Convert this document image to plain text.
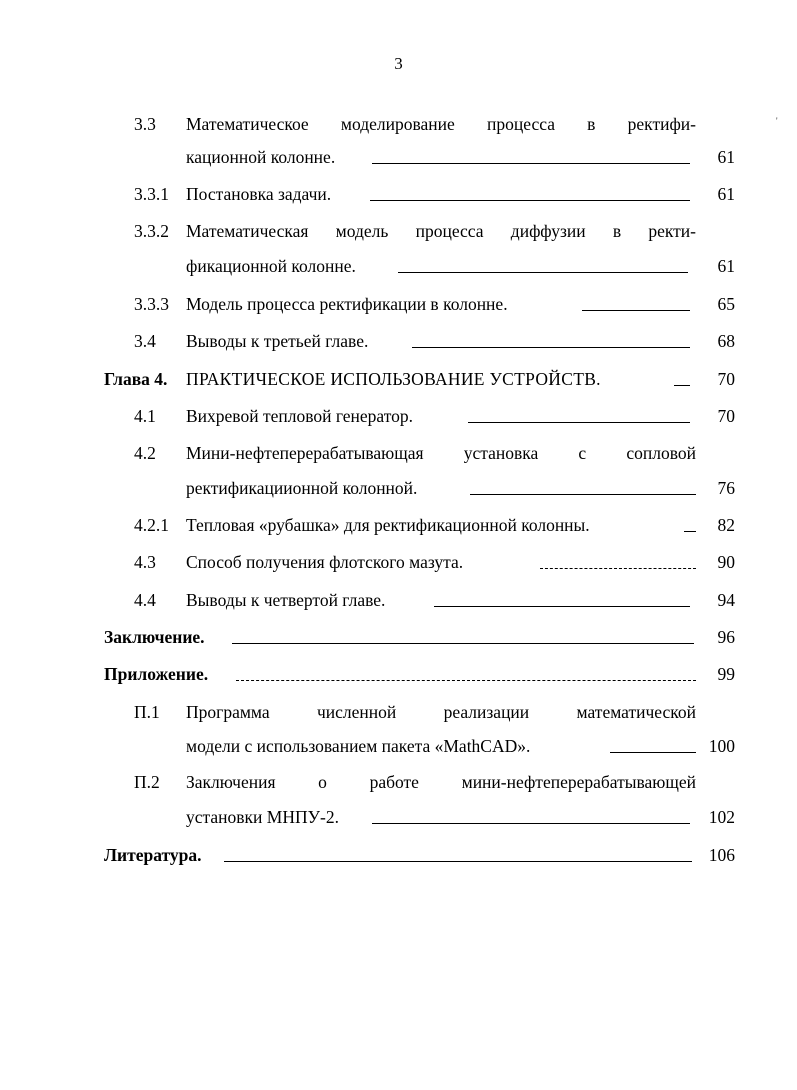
3
'
3.3 Математическое моделирование процесса в ректифи-
кационной колонне.	61
3.3.1 Постановка задачи.	61
3.3.2 Математическая модель процесса диффузии в ректи-
фикационной колонне.	61
3.3.3 Модель процесса ректификации в колонне.	65
3.4 Выводы к третьей главе.	68
Глава 4. ПРАКТИЧЕСКОЕ ИСПОЛЬЗОВАНИЕ УСТРОЙСТВ.	70
4.1 Вихревой тепловой генератор.	70
4.2 Мини-нефтеперерабатывающая установка с сопловой
ректификациионной колонной.	76
4.2.1 Тепловая «рубашка» для ректификационной колонны.	82
4.3 Способ получения флотского мазута.	90
4.4 Выводы к четвертой главе.	94
Заключение.	96
Приложение.	99
П.1 Программа численной реализации математической
модели с использованием пакета «MathCAD».	100
П.2 Заключения о работе мини-нефтеперерабатывающей
установки МНПУ-2.	102
Литература.	106
